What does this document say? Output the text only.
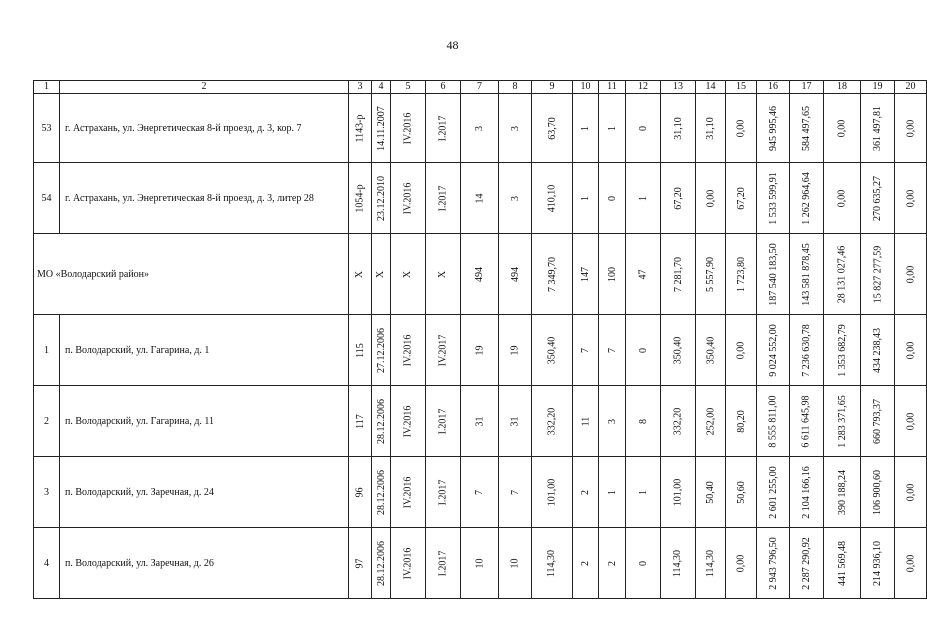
48
1	2	3	4	5	6	7	8	9	10	11	12	13	14	15	16	17	18	19	20
53	г. Астрахань, ул. Энергетическая 8-й проезд, д. 3, кор. 7	1143-р	14.11.2007	IV.2016	I.2017	3	3	63,70	1	1	0	31,10	31,10	0,00	945 995,46	584 497,65	0,00	361 497,81	0,00

54	г. Астрахань, ул. Энергетическая 8-й проезд, д. 3, литер 28	1054-р	23.12.2010	IV.2016	I.2017	14	3	410,10	1	0	1	67,20	0,00	67,20	1 533 599,91	1 262 964,64	0,00	270 635,27	0,00

МО «Володарский район»		Х	Х	Х	Х	494	494	7 349,70	147	100	47	7 281,70	5 557,90	1 723,80	187 540 183,50	143 581 878,45	28 131 027,46	15 827 277,59	0,00

1	п. Володарский, ул. Гагарина, д. 1	115	27.12.2006	IV.2016	IV.2017	19	19	350,40	7	7	0	350,40	350,40	0,00	9 024 552,00	7 236 630,78	1 353 682,79	434 238,43	0,00

2	п. Володарский, ул. Гагарина, д. 11	117	28.12.2006	IV.2016	I.2017	31	31	332,20	11	3	8	332,20	252,00	80,20	8 555 811,00	6 611 645,98	1 283 371,65	660 793,37	0,00

3	п. Володарский, ул. Заречная, д. 24	96	28.12.2006	IV.2016	I.2017	7	7	101,00	2	1	1	101,00	50,40	50,60	2 601 255,00	2 104 166,16	390 188,24	106 900,60	0,00

4	п. Володарский, ул. Заречная, д. 26	97	28.12.2006	IV.2016	I.2017	10	10	114,30	2	2	0	114,30	114,30	0,00	2 943 796,50	2 287 290,92	441 569,48	214 936,10	0,00
